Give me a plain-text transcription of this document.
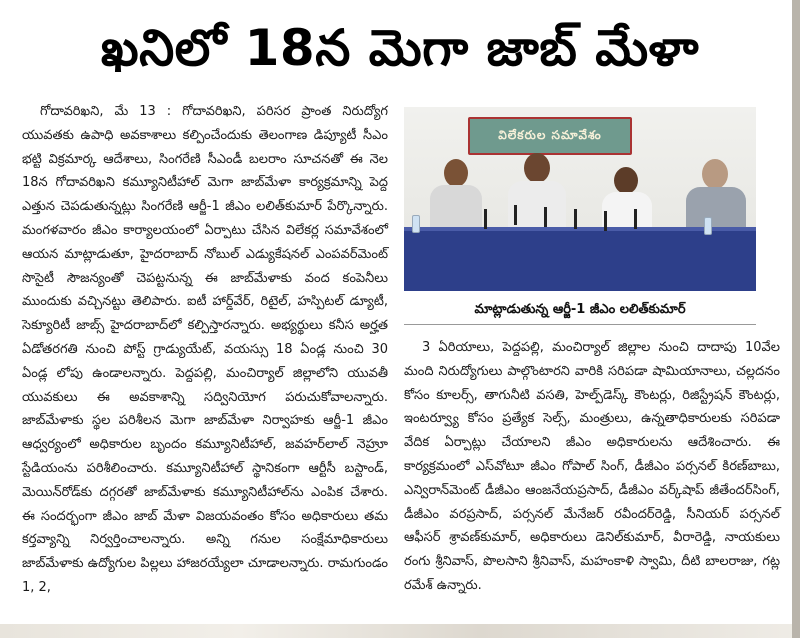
ఖనిలో 18న మెగా జాబ్ మేళా

గోదావరిఖని, మే 13 : గోదావరిఖని, పరిసర ప్రాంత నిరుద్యోగ యువతకు ఉపాధి అవకాశాలు కల్పించేందుకు తెలంగాణ డిప్యూటీ సీఎం భట్టి విక్రమార్క ఆదేశాలు, సింగరేణి సీఎండీ బలరాం సూచనతో ఈ నెల 18న గోదావరిఖని కమ్యూనిటీహాల్ మెగా జాబ్‌మేళా కార్యక్రమాన్ని పెద్ద ఎత్తున చెపడుతున్నట్లు సింగరేణి ఆర్జీ-1 జీఎం లలిత్‌కుమార్ పేర్కొన్నారు. మంగళవారం జీఎం కార్యాలయంలో ఏర్పాటు చేసిన విలేకర్ల సమావేశంలో ఆయన మాట్లాడుతూ, హైదరాబాద్ నోబుల్ ఎడ్యుకేషనల్ ఎంపవర్‌మెంట్ సొసైటీ సౌజన్యంతో చెపట్టనున్న ఈ జాబ్‌మేళాకు వంద కంపెనీలు ముందుకు వచ్చినట్టు తెలిపారు. ఐటీ హార్డ్‌వేర్, రిటైల్, హస్పిటల్ డ్యూటీ, సెక్యూరిటీ జాబ్స్ హైదరాబాద్‌లో కల్పిస్తారన్నారు. అభ్యర్థులు కనీస అర్హత ఏడోతరగతి నుంచి పోస్ట్ గ్రాడ్యుయేట్, వయస్సు 18 ఏండ్ల నుంచి 30 ఏండ్ల లోపు ఉండాలన్నారు. పెద్దపల్లి, మంచిర్యాల్ జిల్లాలోని యువతీ యువకులు ఈ అవకాశాన్ని సద్వినియోగ పరుచుకోవాలన్నారు. జాబ్‌మేళాకు స్థల పరిశీలన మెగా జాబ్‌మేళా నిర్వాహకు ఆర్జీ-1 జీఎం ఆధ్వర్యంలో అధికారుల బృందం కమ్యూనిటీహాల్, జవహర్‌లాల్ నెహ్రూ స్టేడియంను పరిశీలించారు. కమ్యూనిటీహాల్ స్థానికంగా ఆర్టీసీ బస్టాండ్, మెయిన్‌రోడ్‌కు దగ్గరతో జాబ్‌మేళాకు కమ్యూనిటీహాల్‌ను ఎంపిక చేశారు. ఈ సందర్భంగా జీఎం జాబ్ మేళా విజయవంతం కోసం అధికారులు తమ కర్తవ్యాన్ని నిర్వర్తించాలన్నారు. అన్ని గనుల సంక్షేమాధికారులు జాబ్‌మేళాకు ఉద్యోగుల పిల్లలు హాజరయ్యేలా చూడాలన్నారు. రామగుండం 1, 2,

విలేకరుల సమావేశం
మాట్లాడుతున్న ఆర్జీ-1 జీఎం లలిత్‌కుమార్

3 ఏరియాలు, పెద్దపల్లి, మంచిర్యాల్ జిల్లాల నుంచి దాదాపు 10వేల మంది నిరుద్యోగులు పాల్గొంటారని వారికి సరిపడా షామియానాలు, చల్లదనం కోసం కూలర్స్, తాగునీటి వసతి, హెల్ప్‌డెస్క్ కౌంటర్లు, రిజిస్ట్రేషన్ కౌంటర్లు, ఇంటర్వ్యూ కోసం ప్రత్యేక సెల్స్, మంత్రులు, ఉన్నతాధికారులకు సరిపడా వేదిక ఏర్పాట్లు చేయాలని జీఎం అధికారులను ఆదేశించారు. ఈ కార్యక్రమంలో ఎస్‌వోటూ జీఎం గోపాల్ సింగ్, డీజీఎం పర్సనల్ కిరణ్‌బాబు, ఎన్విరాన్‌మెంట్ డీజీఎం ఆంజనేయప్రసాద్, డీజీఎం వర్క్‌షాప్ జీతేందర్‌సింగ్, డీజీఎం వరప్రసాద్, పర్సనల్ మేనేజర్ రవీందర్‌రెడ్డి, సీనియర్ పర్సనల్ ఆఫీసర్ శ్రావణ్‌కుమార్, అధికారులు డెనిల్‌కుమార్, వీరారెడ్డి, నాయకులు రంగు శ్రీనివాస్, పొలసాని శ్రీనివాస్, మహంకాళి స్వామి, దీటి బాలరాజు, గట్ల రమేశ్ ఉన్నారు.
